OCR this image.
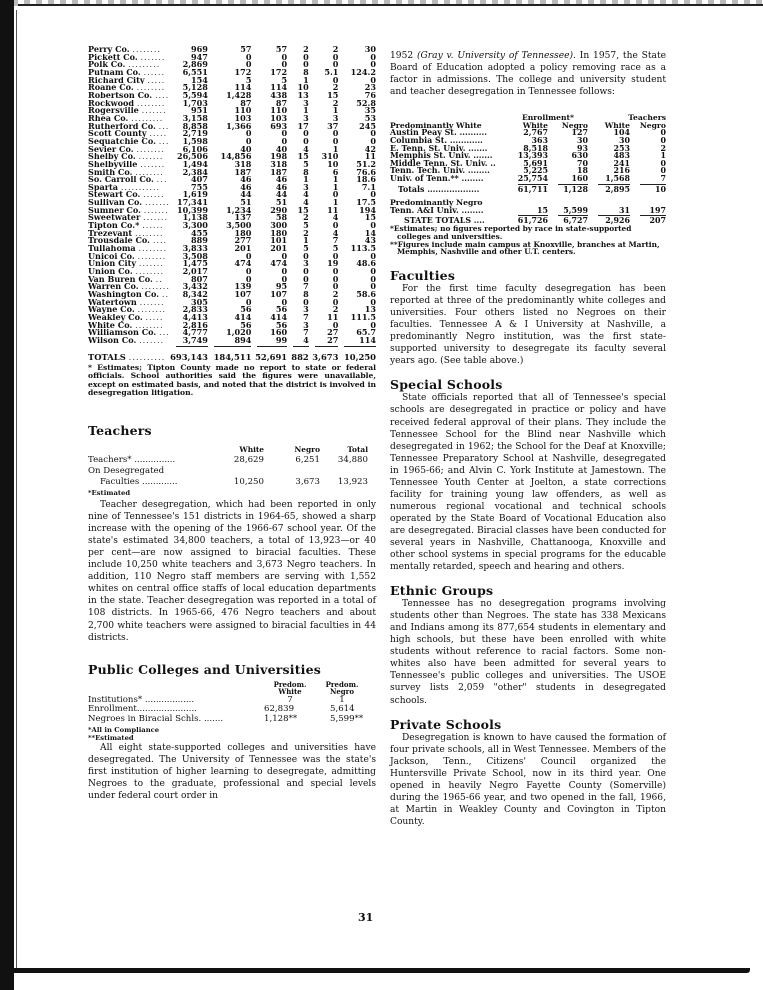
Perry Co. ........	969	57	57	2	2	30
Pickett Co. .......	947	0	0	0	0	0
Polk Co. .........	2,869	0	0	0	0	0
Putnam Co. ......	6,551	172	172	8	5.1	124.2
Richard City .....	154	5	5	1	0	0
Roane Co. ........	5,128	114	114	10	2	23
Robertson Co. ....	5,594	1,428	438	13	15	76
Rockwood ........	1,703	87	87	3	2	52.8
Rogersville .......	951	110	110	1	1	35
Rhea Co. .........	3,158	103	103	3	3	53
Rutherford Co. ...	8,858	1,366	693	17	37	245
Scott County .....	2,719	0	0	0	0	0
Sequatchie Co. ...	1,598	0	0	0	0	0
Sevier Co. ........	6,106	40	40	4	1	42
Shelby Co. .......	26,506	14,856	198	15	310	11
Shelbyville .......	1,494	318	318	5	10	51.2
Smith Co. ........	2,384	187	187	8	6	76.6
So. Carroll Co. ...	407	46	46	1	1	18.6
Sparta ...........	755	46	46	3	1	7.1
Stewart Co. ......	1,619	44	44	4	0	0
Sullivan Co. .......	17,341	51	51	4	1	17.5
Sumner Co. .......	10,399	1,234	290	15	11	194
Sweetwater .......	1,138	137	58	2	4	15
Tipton Co.* ......	3,300	3,500	300	5	0	0
Trezevant ........	455	180	180	2	4	14
Trousdale Co. ....	889	277	101	1	7	43
Tullahoma ........	3,833	201	201	5	5	113.5
Unicoi Co. ........	3,508	0	0	0	0	0
Union City .......	1,475	474	474	3	19	48.6
Union Co. ........	2,017	0	0	0	0	0
Van Buren Co. ..	807	0	0	0	0	0
Warren Co. ........	3,432	139	95	7	0	0
Washington Co. ..	8,342	107	107	8	2	58.6
Watertown .......	305	0	0	0	0	0
Wayne Co. ........	2,833	56	56	3	2	13
Weakley Co. .....	4,413	414	414	7	11	111.5
White Co. ........	2,816	56	56	3	0	0
Williamson Co. ...	4,777	1,020	160	7	27	65.7
Wilson Co. .......	3,749	894	99	4	27	114

TOTALS ..........	693,143	184,511	52,691	882	3,673	10,250
* Estimates; Tipton County made no report to state or federal officials. School authorities said the figures were unavailable, except on estimated basis, and noted that the district is involved in desegregation litigation.
Teachers
	White	Negro	Total
Teachers* ...............	28,629	6,251	34,880
On Desegregated			
Faculties .............	10,250	3,673	13,923
*Estimated			

Teacher desegregation, which had been reported in only nine of Tennessee's 151 districts in 1964-65, showed a sharp increase with the opening of the 1966-67 school year. Of the state's estimated 34,800 teachers, a total of 13,923—or 40 per cent—are now assigned to biracial faculties. These include 10,250 white teachers and 3,673 Negro teachers. In addition, 110 Negro staff members are serving with 1,552 whites on central office staffs of local education departments in the state. Teacher desegregation was reported in a total of 108 districts. In 1965-66, 476 Negro teachers and about 2,700 white teachers were assigned to biracial faculties in 44 districts.

Public Colleges and Universities
	Predom. White	Predom. Negro
Institutions* ..................	7	1
Enrollment......................	62,839	5,614
Negroes in Biracial Schls. .......	1,128**	5,599**
*All in Compliance
**Estimated

All eight state-supported colleges and universities have desegregated. The University of Tennessee was the state's first institution of higher learning to desegregate, admitting Negroes to the graduate, professional and special levels under federal court order in

1952 (Gray v. University of Tennessee). In 1957, the State Board of Education adopted a policy removing race as a factor in admissions. The college and university student and teacher desegregation in Tennessee follows:

	Enrollment*		Teachers	
Predominantly White	White	Negro	White	Negro
Austin Peay St. ..........	2,767	127	104	0
Columbia St. ............	363	30	30	0
E. Tenn. St. Univ. .......	8,518	93	253	2
Memphis St. Univ. .......	13,393	630	483	1
Middle Tenn. St. Univ. ..	5,691	70	241	0
Tenn. Tech. Univ. ........	5,225	18	216	0
Univ. of Tenn.** ........	25,754	160	1,568	7

Totals ...................	61,711	1,128	2,895	10
Predominantly Negro				
Tenn. A&I Univ. ........	15	5,599	31	197

STATE TOTALS ....	61,726	6,727	2,926	207
*Estimates; no figures reported by race in state-supported colleges and universities.
**Figures include main campus at Knoxville, branches at Martin, Memphis, Nashville and other U.T. centers.
Faculties

For the first time faculty desegregation has been reported at three of the predominantly white colleges and universities. Four others listed no Negroes on their faculties. Tennessee A & I University at Nashville, a predominantly Negro institution, was the first state-supported university to desegregate its faculty several years ago. (See table above.)

Special Schools

State officials reported that all of Tennessee's special schools are desegregated in practice or policy and have received federal approval of their plans. They include the Tennessee School for the Blind near Nashville which desegregated in 1962; the School for the Deaf at Knoxville; Tennessee Preparatory School at Nashville, desegregated in 1965-66; and Alvin C. York Institute at Jamestown. The Tennessee Youth Center at Joelton, a state corrections facility for training young law offenders, as well as numerous regional vocational and technical schools operated by the State Board of Vocational Education also are desegregated. Biracial classes have been conducted for several years in Nashville, Chattanooga, Knoxville and other school systems in special programs for the educable mentally retarded, speech and hearing and others.

Ethnic Groups

Tennessee has no desegregation programs involving students other than Negroes. The state has 338 Mexicans and Indians among its 877,654 students in elementary and high schools, but these have been enrolled with white students without reference to racial factors. Some non-whites also have been admitted for several years to Tennessee's public colleges and universities. The USOE survey lists 2,059 "other" students in desegregated schools.

Private Schools

Desegregation is known to have caused the formation of four private schools, all in West Tennessee. Members of the Jackson, Tenn., Citizens' Council organized the Huntersville Private School, now in its third year. One opened in heavily Negro Fayette County (Somerville) during the 1965-66 year, and two opened in the fall, 1966, at Martin in Weakley County and Covington in Tipton County.

31
